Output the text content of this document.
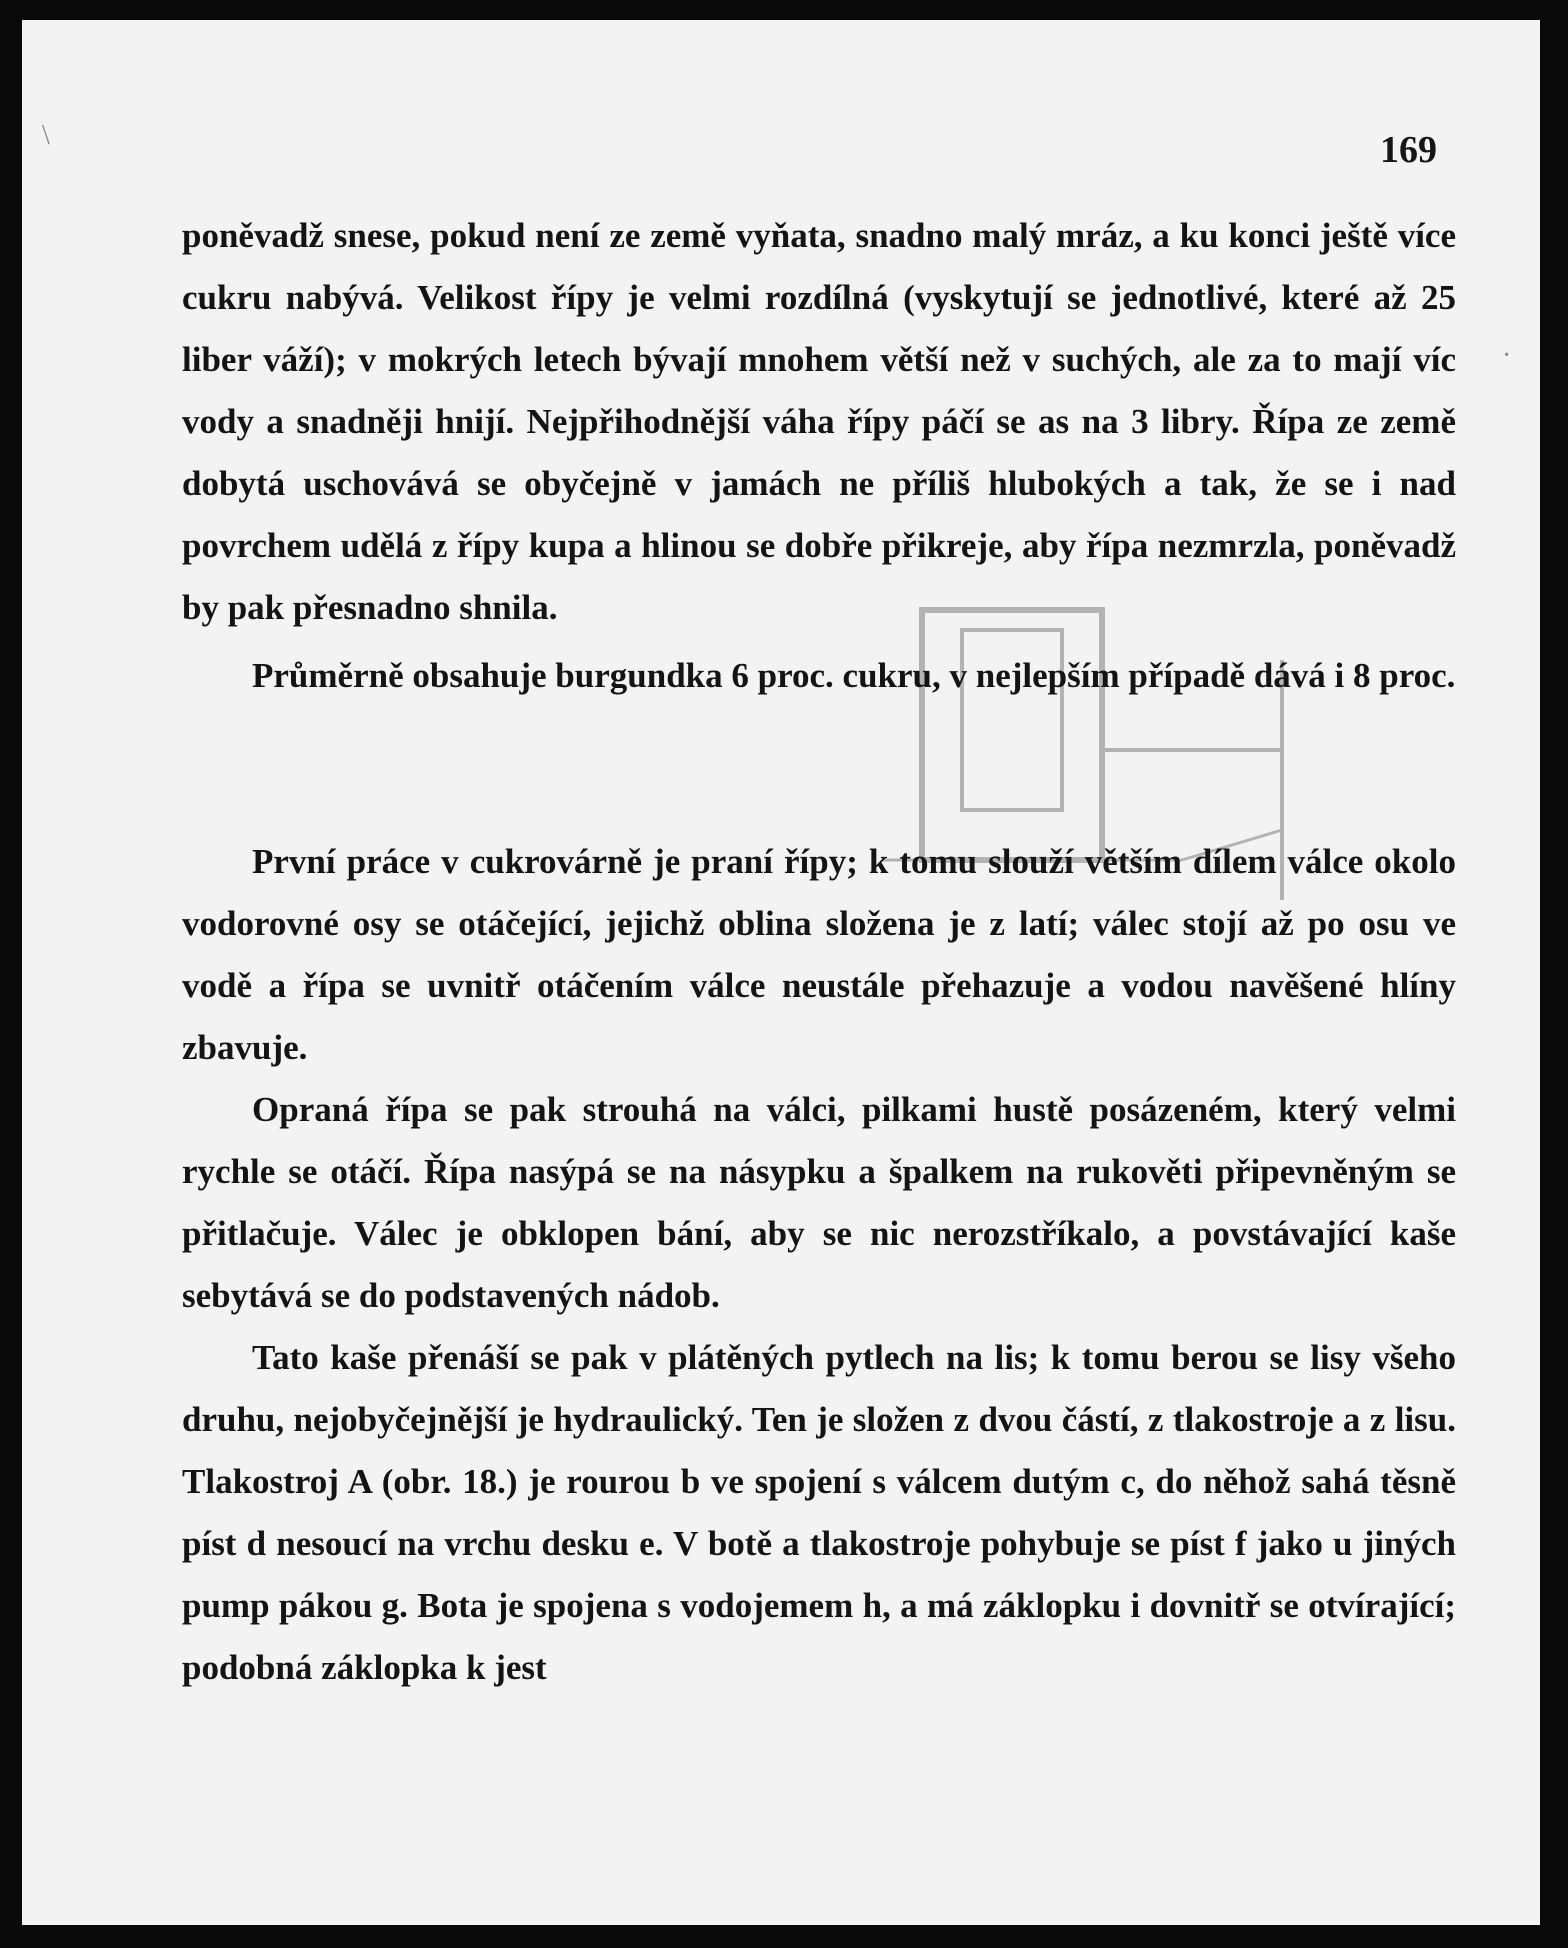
169
\
·

poněvadž snese, pokud není ze země vyňata, snadno malý mráz, a ku konci ještě více cukru nabývá. Velikost řípy je velmi rozdílná (vyskytují se jednotlivé, které až 25 liber váží); v mokrých letech bývají mnohem větší než v suchých, ale za to mají víc vody a snadněji hnijí. Nejpřihodnější váha řípy páčí se as na 3 libry. Řípa ze země dobytá uschovává se obyčejně v jamách ne příliš hlubokých a tak, že se i nad povrchem udělá z řípy kupa a hlinou se dobře přikreje, aby řípa nezmrzla, poněvadž by pak přesnadno shnila.

Průměrně obsahuje burgundka 6 proc. cukru, v nejlepším případě dává i 8 proc.

První práce v cukrovárně je praní řípy; k tomu slouží větším dílem válce okolo vodorovné osy se otáčející, jejichž oblina složena je z latí; válec stojí až po osu ve vodě a řípa se uvnitř otáčením válce neustále přehazuje a vodou navěšené hlíny zbavuje.

Opraná řípa se pak strouhá na válci, pilkami hustě posázeném, který velmi rychle se otáčí. Řípa nasýpá se na násypku a špalkem na rukověti připevněným se přitlačuje. Válec je obklopen bání, aby se nic nerozstříkalo, a povstávající kaše sebytává se do podstavených nádob.

Tato kaše přenáší se pak v plátěných pytlech na lis; k tomu berou se lisy všeho druhu, nejobyčejnější je hydraulický. Ten je složen z dvou částí, z tlakostroje a z lisu. Tlakostroj A (obr. 18.) je rourou b ve spojení s válcem dutým c, do něhož sahá těsně píst d nesoucí na vrchu desku e. V botě a tlakostroje pohybuje se píst f jako u jiných pump pákou g. Bota je spojena s vodojemem h, a má záklopku i dovnitř se otvírající; podobná záklopka k jest
